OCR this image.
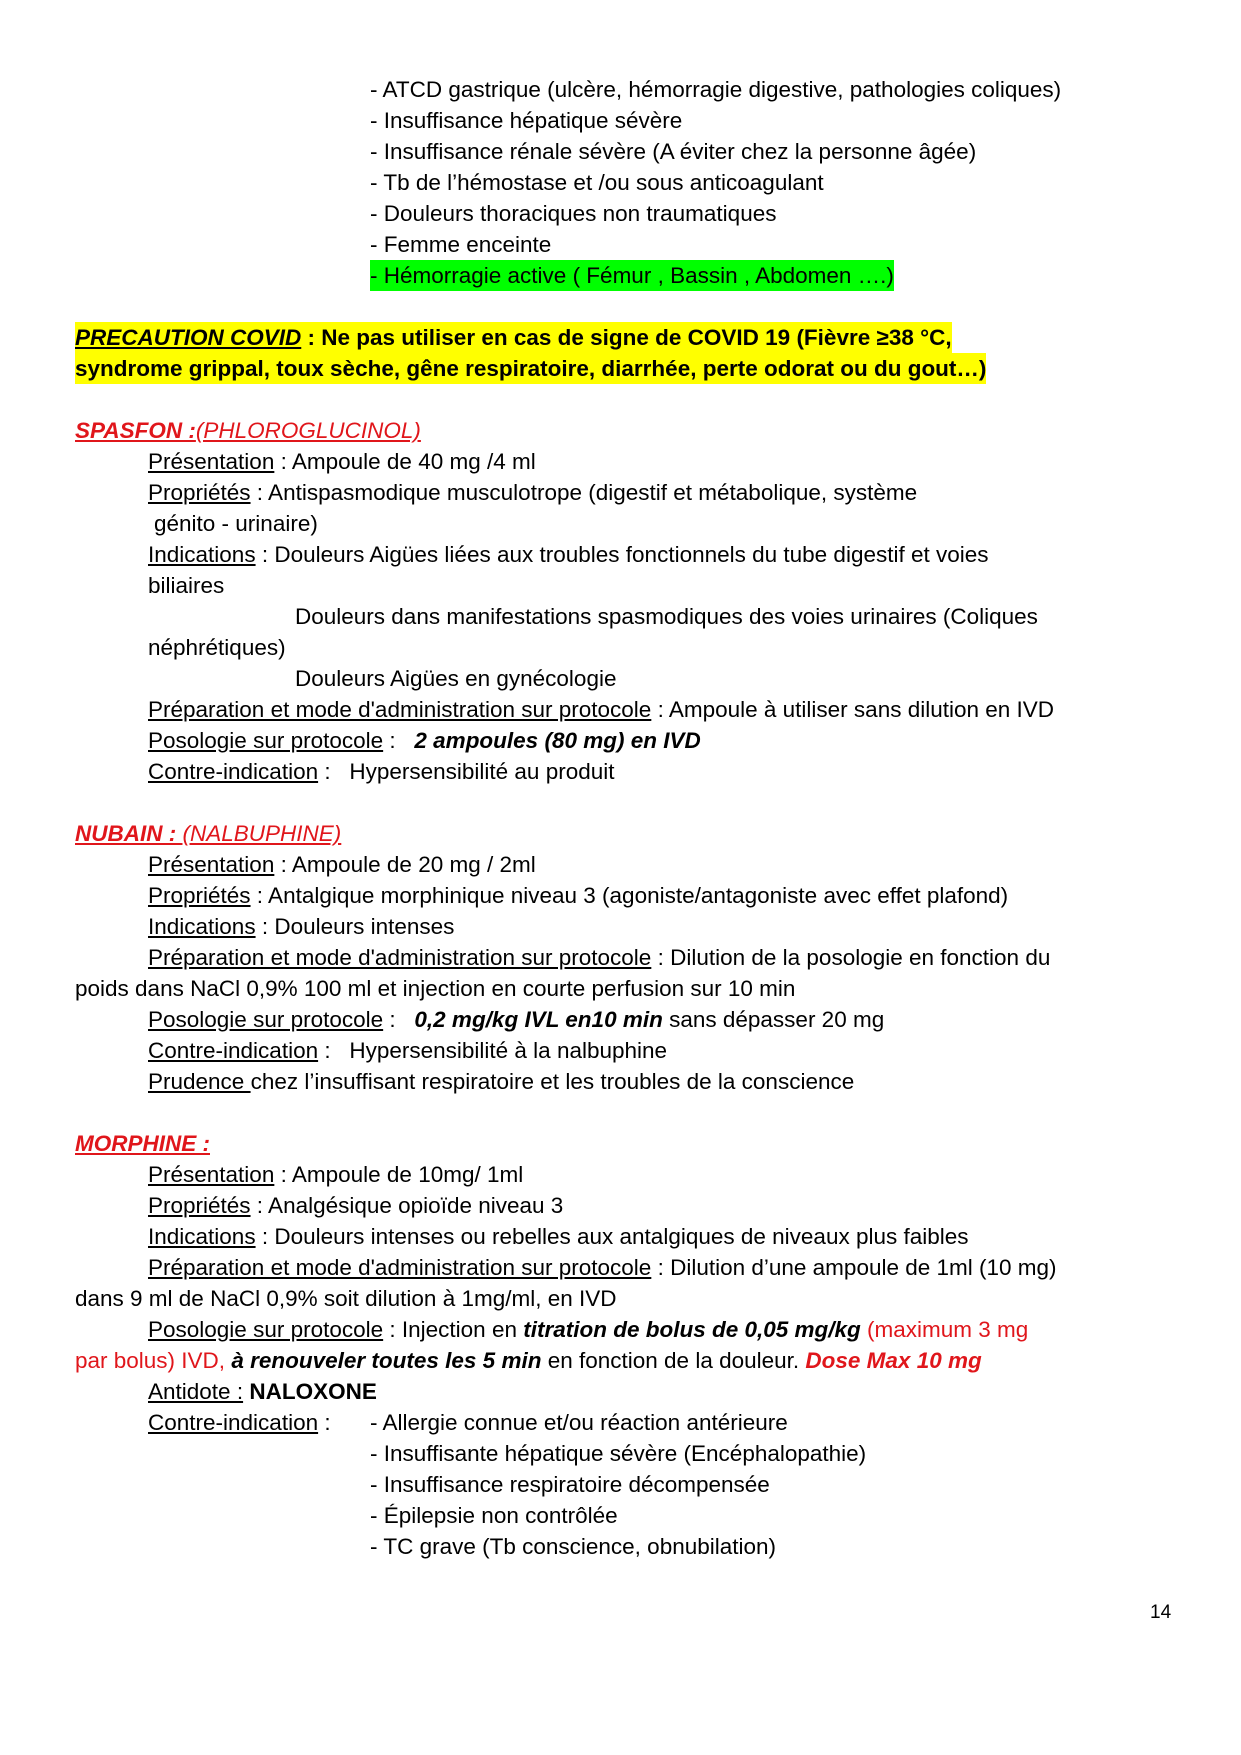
- ATCD gastrique (ulcère, hémorragie digestive, pathologies coliques)
- Insuffisance hépatique sévère
- Insuffisance rénale sévère (A éviter chez la personne âgée)
- Tb de l’hémostase et /ou sous anticoagulant
- Douleurs thoraciques non traumatiques
- Femme enceinte
- Hémorragie active ( Fémur , Bassin , Abdomen ….)
PRECAUTION COVID : Ne pas utiliser en cas de signe de COVID 19 (Fièvre ≥38 °C,
syndrome grippal, toux sèche, gêne respiratoire, diarrhée, perte odorat ou du gout…)
SPASFON :(PHLOROGLUCINOL)
Présentation : Ampoule de 40 mg /4 ml
Propriétés : Antispasmodique musculotrope (digestif et métabolique, système
génito - urinaire)
Indications : Douleurs Aigües liées aux troubles fonctionnels du tube digestif et voies
biliaires
Douleurs dans manifestations spasmodiques des voies urinaires (Coliques
néphrétiques)
Douleurs Aigües en gynécologie
Préparation et mode d'administration sur protocole : Ampoule à utiliser sans dilution en IVD
Posologie sur protocole :   2 ampoules (80 mg) en IVD
Contre-indication :   Hypersensibilité au produit
NUBAIN : (NALBUPHINE)
Présentation : Ampoule de 20 mg / 2ml
Propriétés : Antalgique morphinique niveau 3 (agoniste/antagoniste avec effet plafond)
Indications : Douleurs intenses
Préparation et mode d'administration sur protocole : Dilution de la posologie en fonction du
poids dans NaCl 0,9% 100 ml et injection en courte perfusion sur 10 min
Posologie sur protocole :   0,2 mg/kg IVL en10 min sans dépasser 20 mg
Contre-indication :   Hypersensibilité à la nalbuphine
Prudence chez l’insuffisant respiratoire et les troubles de la conscience
MORPHINE :
Présentation : Ampoule de 10mg/ 1ml
Propriétés : Analgésique opioïde niveau 3
Indications : Douleurs intenses ou rebelles aux antalgiques de niveaux plus faibles
Préparation et mode d'administration sur protocole : Dilution d’une ampoule de 1ml (10 mg)
dans 9 ml de NaCl 0,9% soit dilution à 1mg/ml, en IVD
Posologie sur protocole : Injection en titration de bolus de 0,05 mg/kg (maximum 3 mg
par bolus) IVD, à renouveler toutes les 5 min en fonction de la douleur. Dose Max 10 mg
Antidote : NALOXONE
Contre-indication : - Allergie connue et/ou réaction antérieure
- Insuffisante hépatique sévère (Encéphalopathie)
- Insuffisance respiratoire décompensée
- Épilepsie non contrôlée
- TC grave (Tb conscience, obnubilation)
14
